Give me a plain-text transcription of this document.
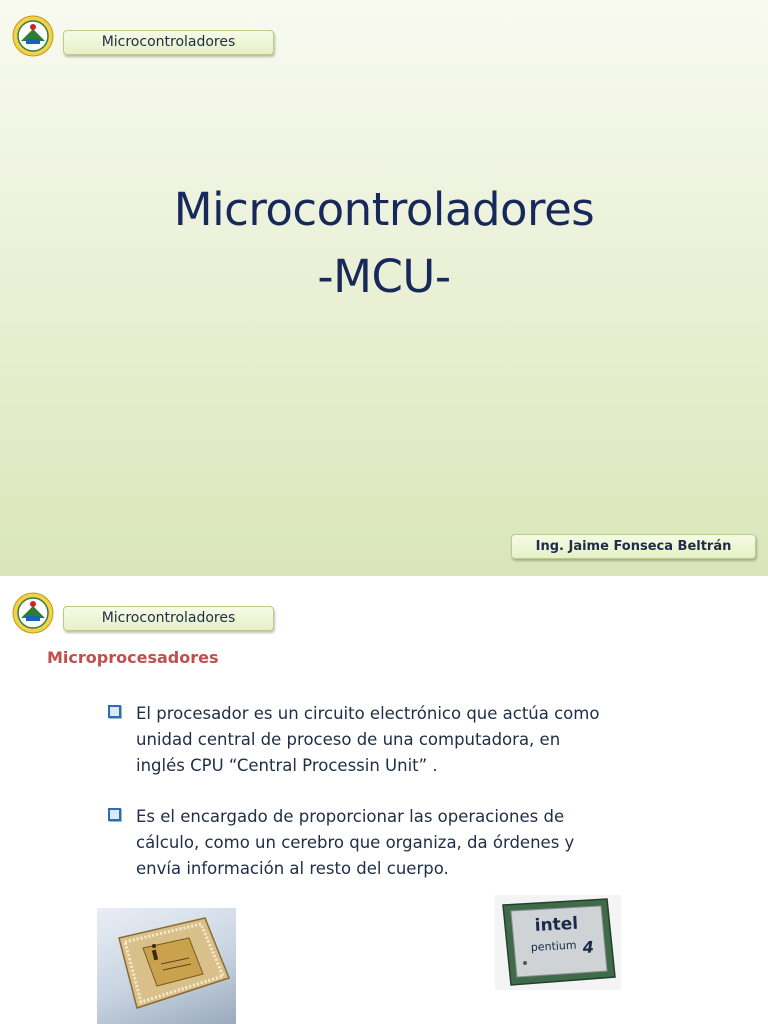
Microcontroladores
Microcontroladores
-MCU-
Ing. Jaime Fonseca Beltrán
Microcontroladores
Microprocesadores
El procesador es un circuito electrónico que actúa como unidad central de proceso de una computadora, en inglés CPU “Central Processin Unit” .
Es el encargado de proporcionar las operaciones de cálculo, como un cerebro que organiza, da órdenes y envía información al resto del cuerpo.
intel
pentium 4
